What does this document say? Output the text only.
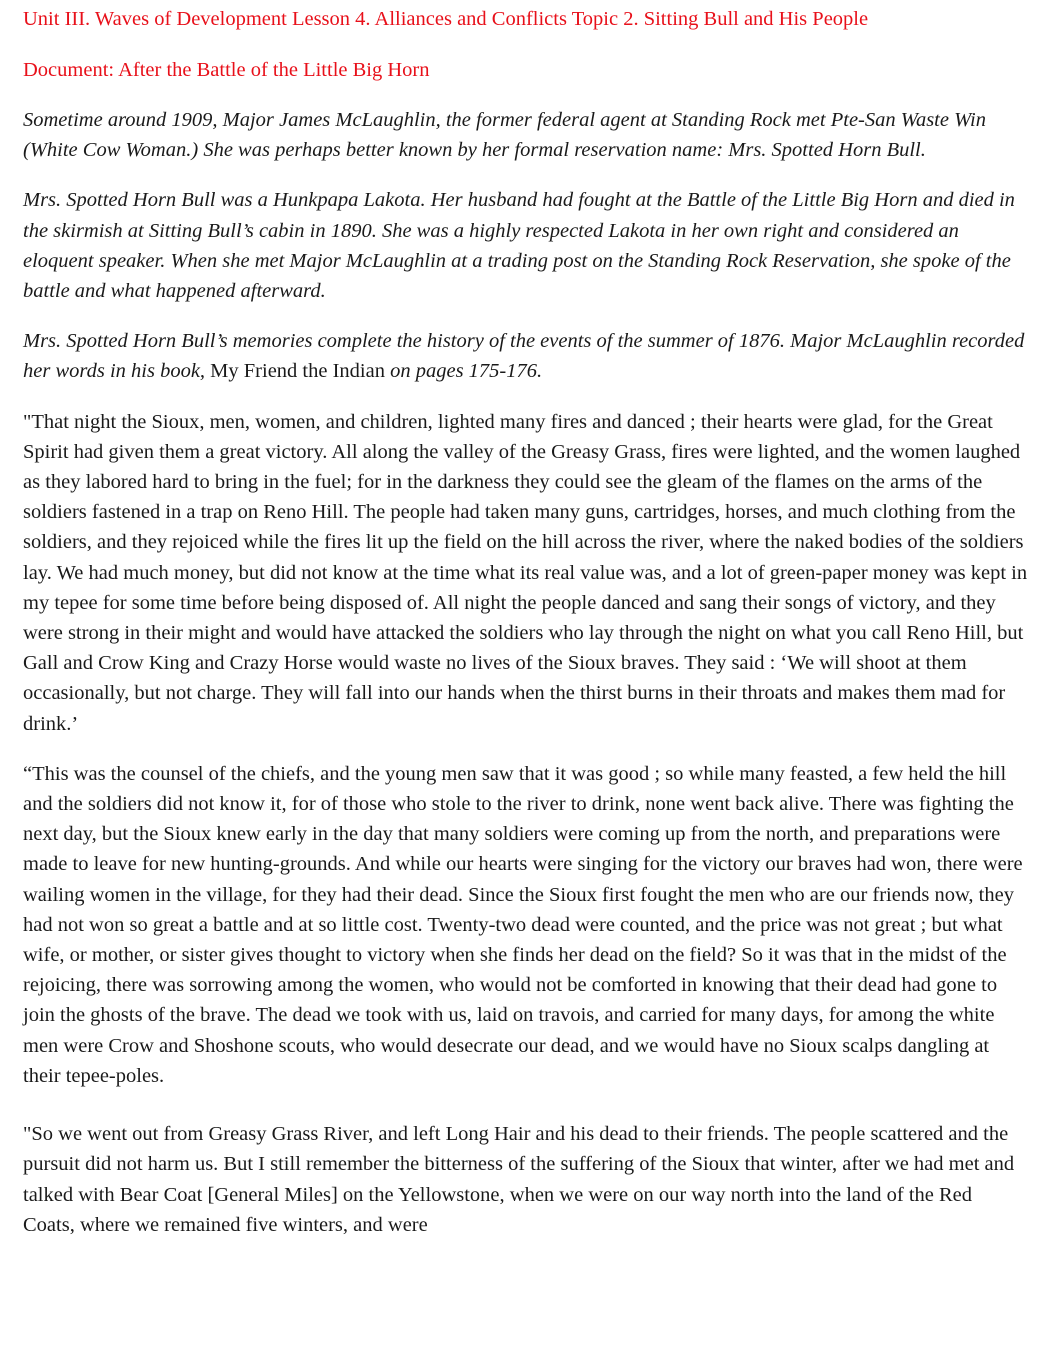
Unit III. Waves of Development Lesson 4. Alliances and Conflicts Topic 2. Sitting Bull and His People

Document: After the Battle of the Little Big Horn

Sometime around 1909, Major James McLaughlin, the former federal agent at Standing Rock met Pte-San Waste Win (White Cow Woman.) She was perhaps better known by her formal reservation name: Mrs. Spotted Horn Bull.

Mrs. Spotted Horn Bull was a Hunkpapa Lakota. Her husband had fought at the Battle of the Little Big Horn and died in the skirmish at Sitting Bull’s cabin in 1890. She was a highly respected Lakota in her own right and considered an eloquent speaker. When she met Major McLaughlin at a trading post on the Standing Rock Reservation, she spoke of the battle and what happened afterward.

Mrs. Spotted Horn Bull’s memories complete the history of the events of the summer of 1876. Major McLaughlin recorded her words in his book, My Friend the Indian on pages 175-176.

"That night the Sioux, men, women, and children, lighted many fires and danced ; their hearts were glad, for the Great Spirit had given them a great victory. All along the valley of the Greasy Grass, fires were lighted, and the women laughed as they labored hard to bring in the fuel; for in the darkness they could see the gleam of the flames on the arms of the soldiers fastened in a trap on Reno Hill. The people had taken many guns, cartridges, horses, and much clothing from the soldiers, and they rejoiced while the fires lit up the field on the hill across the river, where the naked bodies of the soldiers lay. We had much money, but did not know at the time what its real value was, and a lot of green-paper money was kept in my tepee for some time before being disposed of. All night the people danced and sang their songs of victory, and they were strong in their might and would have attacked the soldiers who lay through the night on what you call Reno Hill, but Gall and Crow King and Crazy Horse would waste no lives of the Sioux braves. They said : ‘We will shoot at them occasionally, but not charge. They will fall into our hands when the thirst burns in their throats and makes them mad for drink.’

“This was the counsel of the chiefs, and the young men saw that it was good ; so while many feasted, a few held the hill and the soldiers did not know it, for of those who stole to the river to drink, none went back alive. There was fighting the next day, but the Sioux knew early in the day that many soldiers were coming up from the north, and preparations were made to leave for new hunting-grounds. And while our hearts were singing for the victory our braves had won, there were wailing women in the village, for they had their dead. Since the Sioux first fought the men who are our friends now, they had not won so great a battle and at so little cost. Twenty-two dead were counted, and the price was not great ; but what wife, or mother, or sister gives thought to victory when she finds her dead on the field? So it was that in the midst of the rejoicing, there was sorrowing among the women, who would not be comforted in knowing that their dead had gone to join the ghosts of the brave. The dead we took with us, laid on travois, and carried for many days, for among the white men were Crow and Shoshone scouts, who would desecrate our dead, and we would have no Sioux scalps dangling at their tepee-poles.

"So we went out from Greasy Grass River, and left Long Hair and his dead to their friends. The people scattered and the pursuit did not harm us. But I still remember the bitterness of the suffering of the Sioux that winter, after we had met and talked with Bear Coat [General Miles] on the Yellowstone, when we were on our way north into the land of the Red Coats, where we remained five winters, and were
